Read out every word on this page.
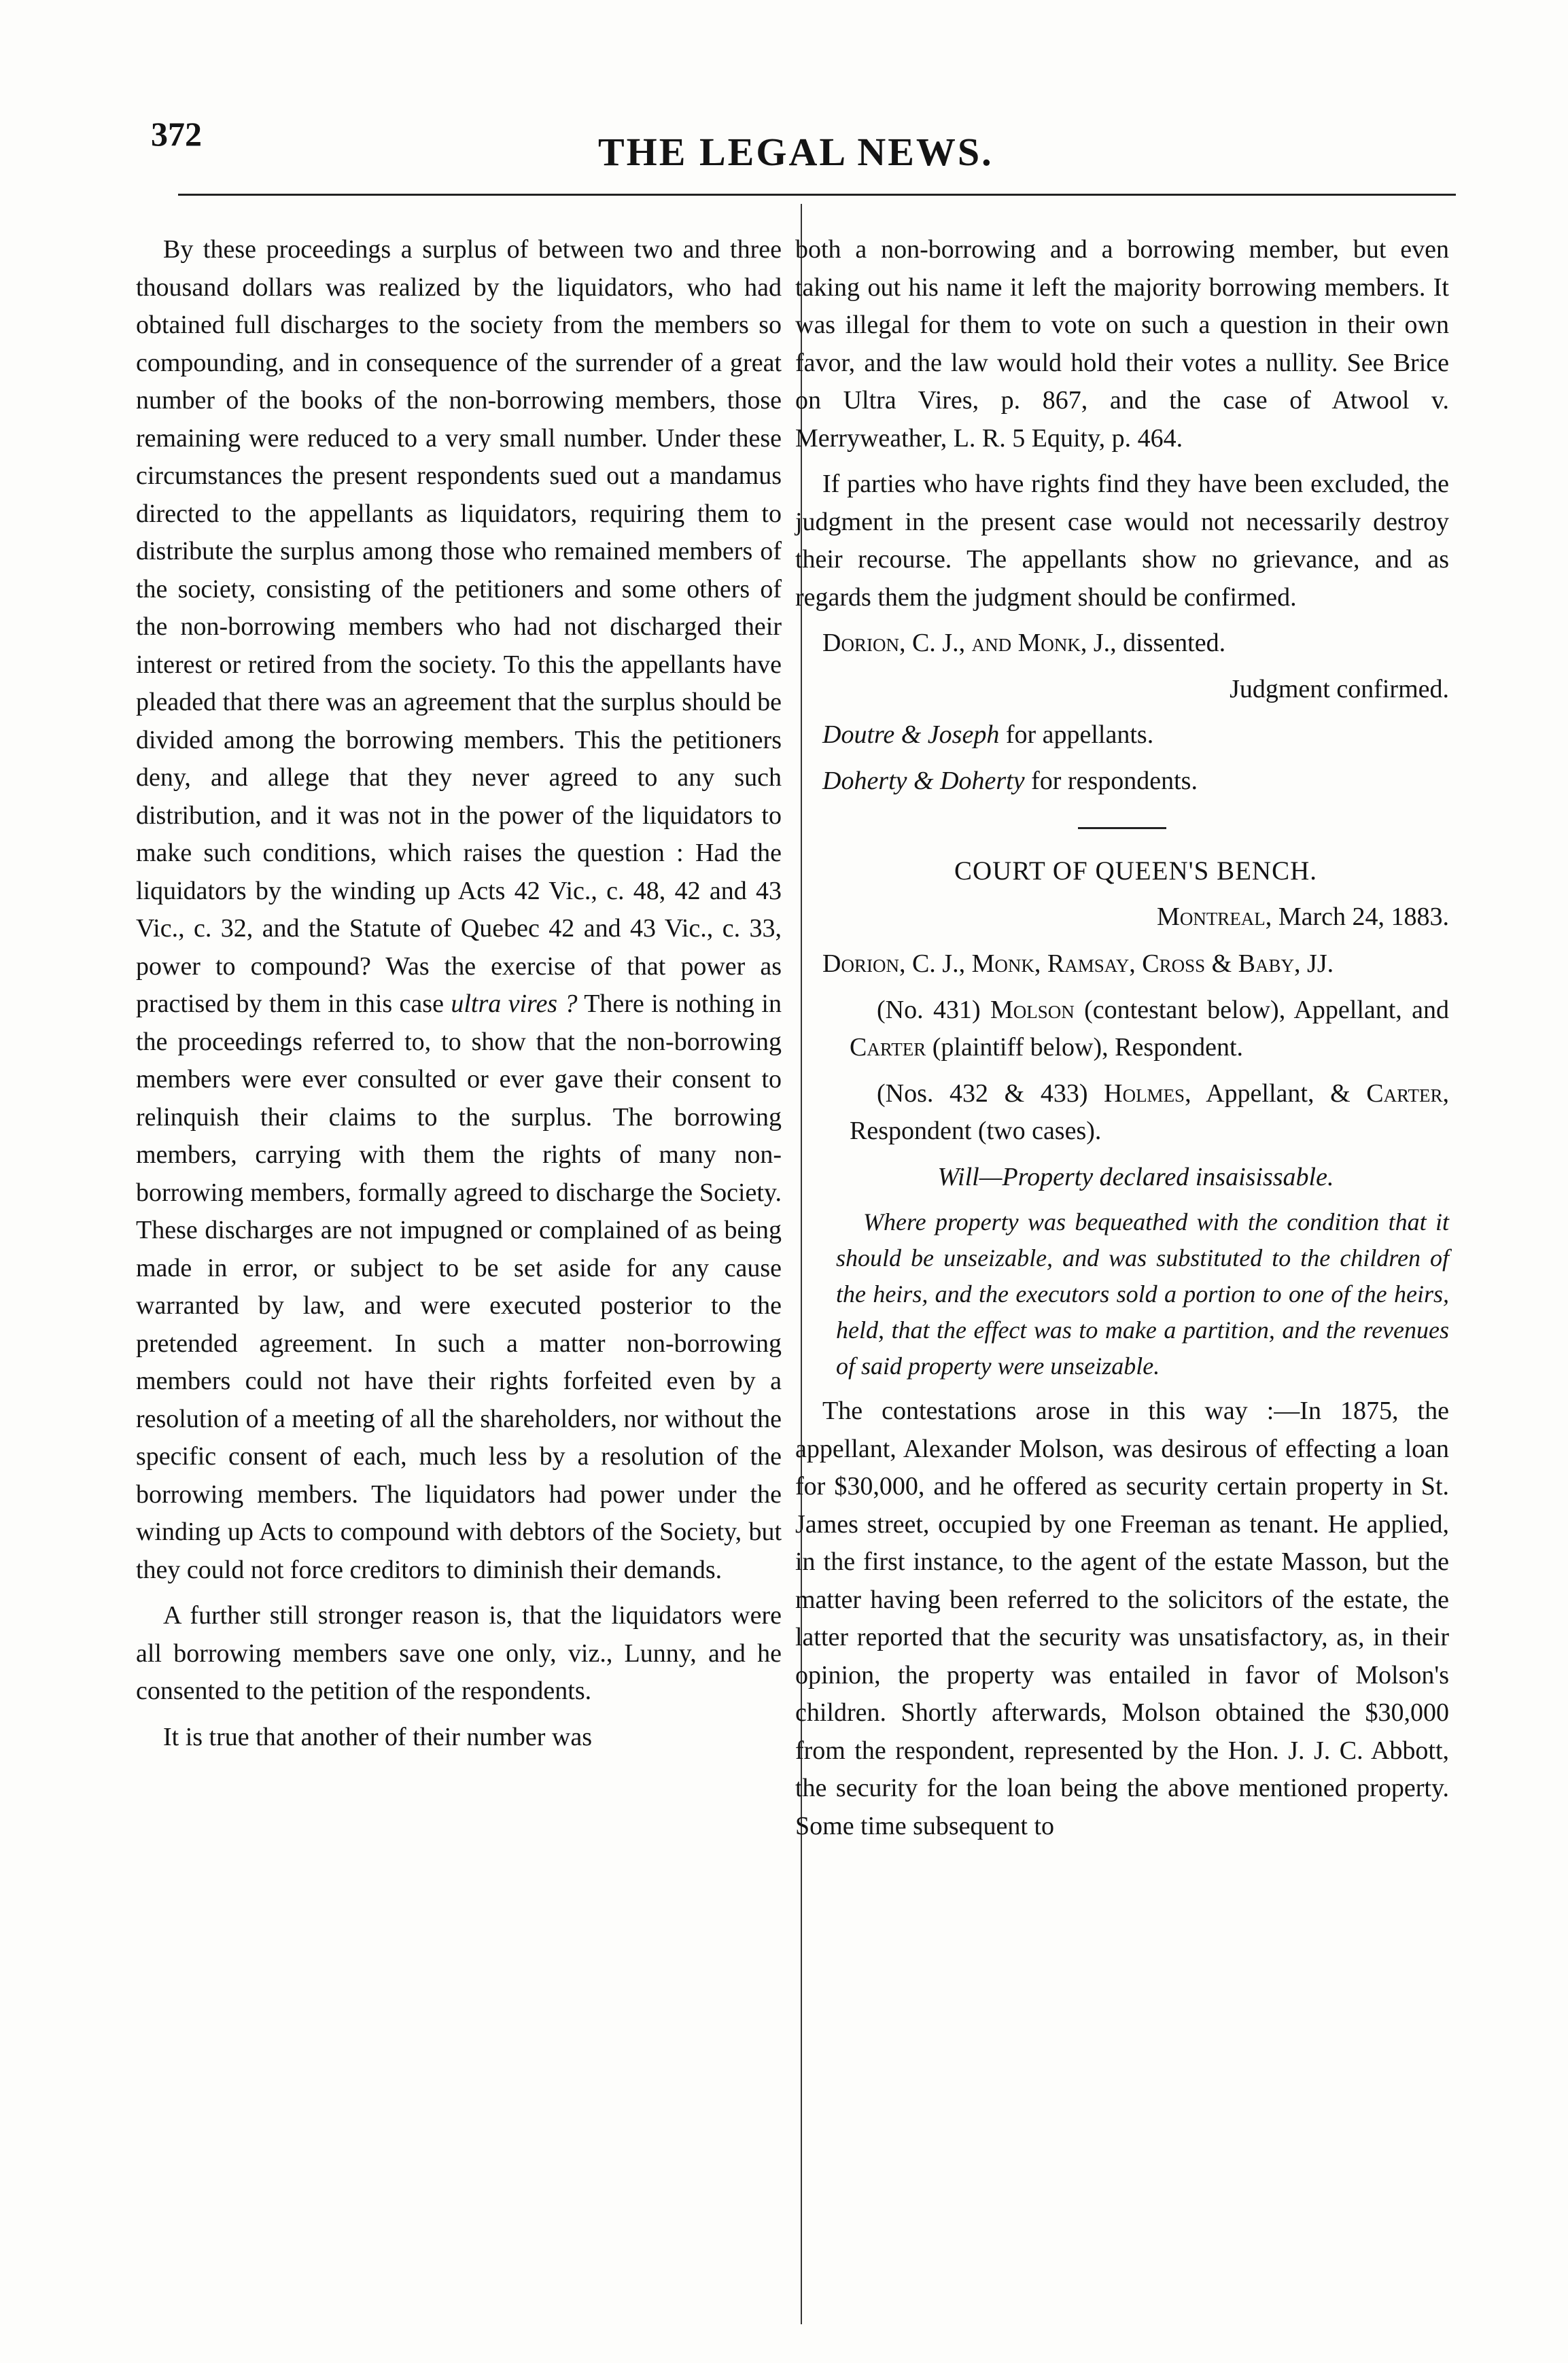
372	THE LEGAL NEWS.

By these proceedings a surplus of between two and three thousand dollars was realized by the liquidators, who had obtained full discharges to the society from the members so compounding, and in consequence of the surrender of a great number of the books of the non-borrowing members, those remaining were reduced to a very small number. Under these circumstances the present respondents sued out a mandamus directed to the appellants as liquidators, requiring them to distribute the surplus among those who remained members of the society, consisting of the petitioners and some others of the non-borrowing members who had not discharged their interest or retired from the society. To this the appellants have pleaded that there was an agreement that the surplus should be divided among the borrowing members. This the petitioners deny, and allege that they never agreed to any such distribution, and it was not in the power of the liquidators to make such conditions, which raises the question : Had the liquidators by the winding up Acts 42 Vic., c. 48, 42 and 43 Vic., c. 32, and the Statute of Quebec 42 and 43 Vic., c. 33, power to compound? Was the exercise of that power as practised by them in this case ultra vires ? There is nothing in the proceedings referred to, to show that the non-borrowing members were ever consulted or ever gave their consent to relinquish their claims to the surplus. The borrowing members, carrying with them the rights of many non-borrowing members, formally agreed to discharge the Society. These discharges are not impugned or complained of as being made in error, or subject to be set aside for any cause warranted by law, and were executed posterior to the pretended agreement. In such a matter non-borrowing members could not have their rights forfeited even by a resolution of a meeting of all the shareholders, nor without the specific consent of each, much less by a resolution of the borrowing members. The liquidators had power under the winding up Acts to compound with debtors of the Society, but they could not force creditors to diminish their demands.

A further still stronger reason is, that the liquidators were all borrowing members save one only, viz., Lunny, and he consented to the petition of the respondents.

It is true that another of their number was

both a non-borrowing and a borrowing member, but even taking out his name it left the majority borrowing members. It was illegal for them to vote on such a question in their own favor, and the law would hold their votes a nullity. See Brice on Ultra Vires, p. 867, and the case of Atwool v. Merryweather, L. R. 5 Equity, p. 464.

If parties who have rights find they have been excluded, the judgment in the present case would not necessarily destroy their recourse. The appellants show no grievance, and as regards them the judgment should be confirmed.

Dorion, C. J., and Monk, J., dissented.

Judgment confirmed.

Doutre & Joseph for appellants.

Doherty & Doherty for respondents.

COURT OF QUEEN'S BENCH.

Montreal, March 24, 1883.

Dorion, C. J., Monk, Ramsay, Cross & Baby, JJ.

(No. 431) Molson (contestant below), Appellant, and Carter (plaintiff below), Respondent.

(Nos. 432 & 433) Holmes, Appellant, & Carter, Respondent (two cases).

Will—Property declared insaisissable.

Where property was bequeathed with the condition that it should be unseizable, and was substituted to the children of the heirs, and the executors sold a portion to one of the heirs, held, that the effect was to make a partition, and the revenues of said property were unseizable.

The contestations arose in this way :—In 1875, the appellant, Alexander Molson, was desirous of effecting a loan for $30,000, and he offered as security certain property in St. James street, occupied by one Freeman as tenant. He applied, in the first instance, to the agent of the estate Masson, but the matter having been referred to the solicitors of the estate, the latter reported that the security was unsatisfactory, as, in their opinion, the property was entailed in favor of Molson's children. Shortly afterwards, Molson obtained the $30,000 from the respondent, represented by the Hon. J. J. C. Abbott, the security for the loan being the above mentioned property. Some time subsequent to
